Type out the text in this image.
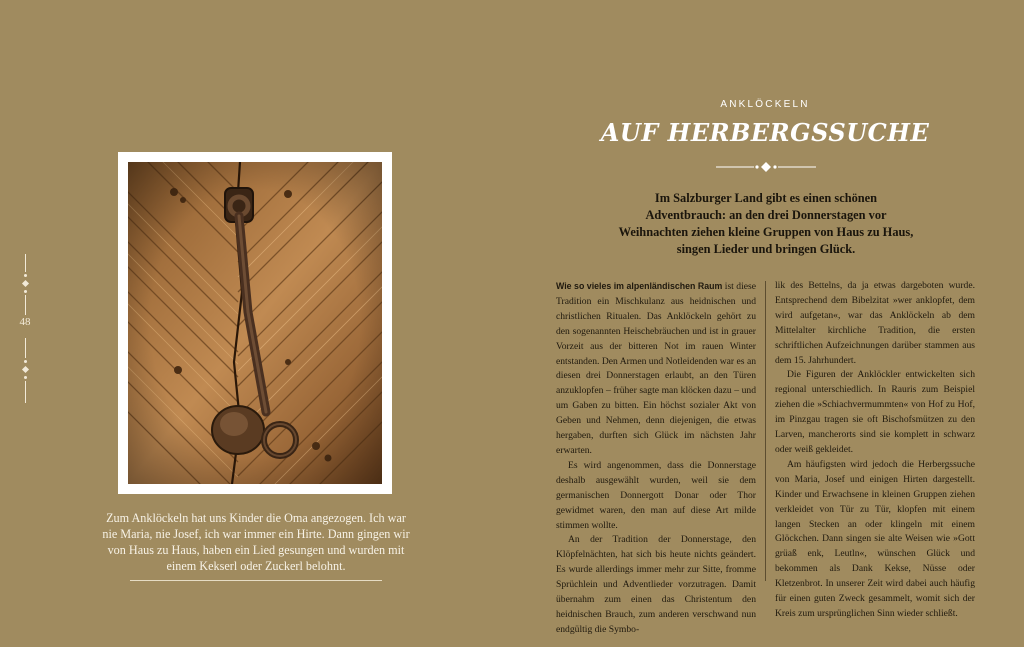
48
Zum Anklöckeln hat uns Kinder die Oma angezogen. Ich war nie Maria, nie Josef, ich war immer ein Hirte. Dann gingen wir von Haus zu Haus, haben ein Lied gesungen und wurden mit einem Kekserl oder Zuckerl belohnt.
ANKLÖCKELN
AUF HERBERGSSUCHE
Im Salzburger Land gibt es einen schönen Adventbrauch: an den drei Donnerstagen vor Weihnachten ziehen kleine Gruppen von Haus zu Haus, singen Lieder und bringen Glück.

Wie so vieles im alpenländischen Raum ist diese Tradition ein Mischkulanz aus heidnischen und christlichen Ritualen. Das Anklöckeln gehört zu den sogenannten Heischebräuchen und ist in grauer Vorzeit aus der bitteren Not im rauen Winter entstanden. Den Armen und Notleidenden war es an diesen drei Donnerstagen erlaubt, an den Türen anzuklopfen – früher sagte man klöcken dazu – und um Gaben zu bitten. Ein höchst sozialer Akt von Geben und Nehmen, denn diejenigen, die etwas hergaben, durften sich Glück im nächsten Jahr erwarten.

Es wird angenommen, dass die Donnerstage deshalb ausgewählt wurden, weil sie dem germanischen Donnergott Donar oder Thor gewidmet waren, den man auf diese Art milde stimmen wollte.

An der Tradition der Donnerstage, den Klöpfelnächten, hat sich bis heute nichts geändert. Es wurde allerdings immer mehr zur Sitte, fromme Sprüchlein und Adventlieder vorzutragen. Damit übernahm zum einen das Christentum den heidnischen Brauch, zum anderen verschwand nun endgültig die Symbo-

lik des Bettelns, da ja etwas dargeboten wurde. Entsprechend dem Bibelzitat »wer anklopfet, dem wird aufgetan«, war das Anklöckeln ab dem Mittelalter kirchliche Tradition, die ersten schriftlichen Aufzeichnungen darüber stammen aus dem 15. Jahrhundert.

Die Figuren der Anklöckler entwickelten sich regional unterschiedlich. In Rauris zum Beispiel ziehen die »Schiachvermummten« von Hof zu Hof, im Pinzgau tragen sie oft Bischofsmützen zu den Larven, mancherorts sind sie komplett in schwarz oder weiß gekleidet.

Am häufigsten wird jedoch die Herbergssuche von Maria, Josef und einigen Hirten dargestellt. Kinder und Erwachsene in kleinen Gruppen ziehen verkleidet von Tür zu Tür, klopfen mit einem langen Stecken an oder klingeln mit einem Glöckchen. Dann singen sie alte Weisen wie »Gott grüaß enk, Leutln«, wünschen Glück und bekommen als Dank Kekse, Nüsse oder Kletzenbrot. In unserer Zeit wird dabei auch häufig für einen guten Zweck gesammelt, womit sich der Kreis zum ursprünglichen Sinn wieder schließt.
